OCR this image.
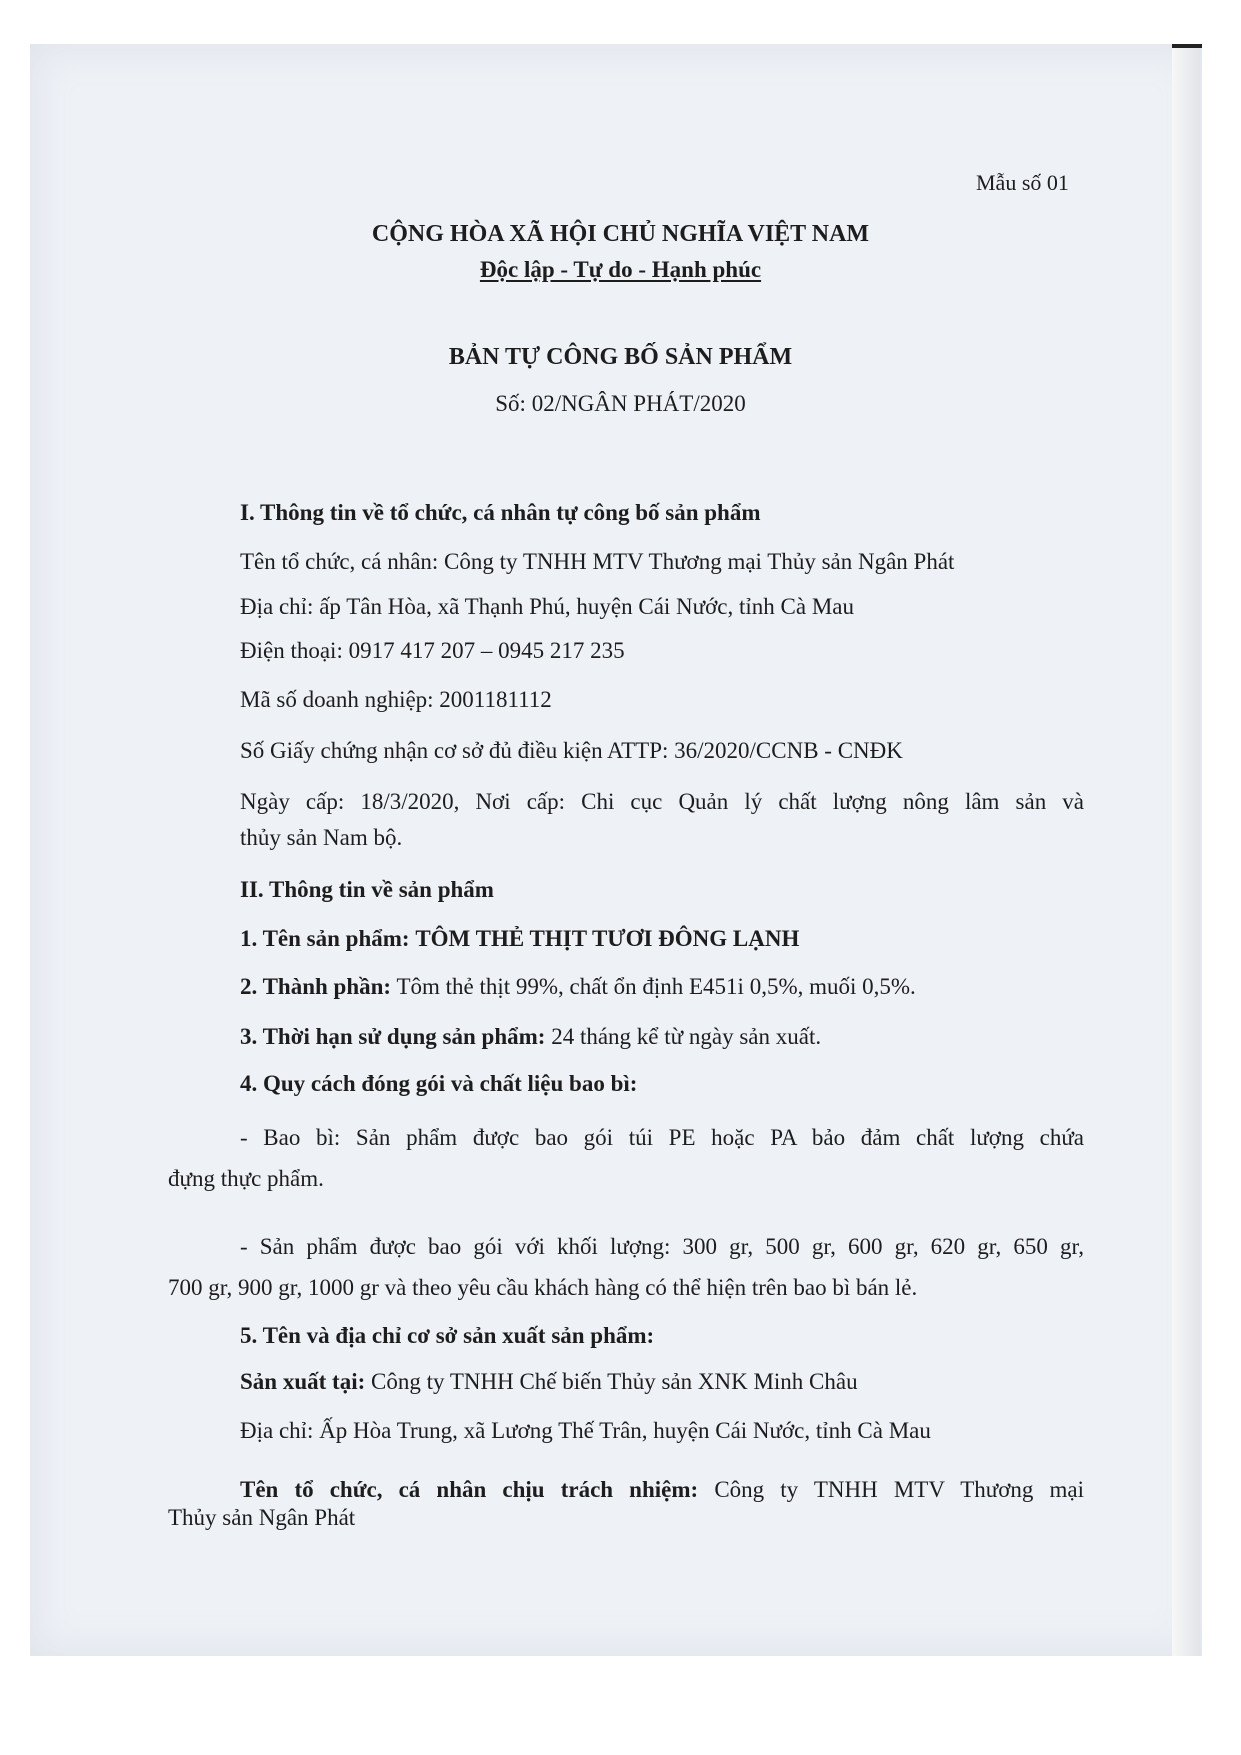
Mẫu số 01
CỘNG HÒA XÃ HỘI CHỦ NGHĨA VIỆT NAM
Độc lập - Tự do - Hạnh phúc
BẢN TỰ CÔNG BỐ SẢN PHẨM
Số: 02/NGÂN PHÁT/2020
I. Thông tin về tổ chức, cá nhân tự công bố sản phẩm
Tên tổ chức, cá nhân: Công ty TNHH MTV Thương mại Thủy sản Ngân Phát
Địa chỉ: ấp Tân Hòa, xã Thạnh Phú, huyện Cái Nước, tỉnh Cà Mau
Điện thoại: 0917 417 207 – 0945 217 235
Mã số doanh nghiệp: 2001181112
Số Giấy chứng nhận cơ sở đủ điều kiện ATTP: 36/2020/CCNB - CNĐK
Ngày cấp: 18/3/2020, Nơi cấp: Chi cục Quản lý chất lượng nông lâm sản và
thủy sản Nam bộ.
II. Thông tin về sản phẩm
1. Tên sản phẩm: TÔM THẺ THỊT TƯƠI ĐÔNG LẠNH
2. Thành phần: Tôm thẻ thịt 99%, chất ổn định E451i 0,5%, muối 0,5%.
3. Thời hạn sử dụng sản phẩm: 24 tháng kể từ ngày sản xuất.
4. Quy cách đóng gói và chất liệu bao bì:
- Bao bì: Sản phẩm được bao gói túi PE hoặc PA bảo đảm chất lượng chứa
đựng thực phẩm.
- Sản phẩm được bao gói với khối lượng: 300 gr, 500 gr, 600 gr, 620 gr, 650 gr,
700 gr, 900 gr, 1000 gr và theo yêu cầu khách hàng có thể hiện trên bao bì bán lẻ.
5. Tên và địa chỉ cơ sở sản xuất sản phẩm:
Sản xuất tại: Công ty TNHH Chế biến Thủy sản XNK Minh Châu
Địa chỉ: Ấp Hòa Trung, xã Lương Thế Trân, huyện Cái Nước, tỉnh Cà Mau
Tên tổ chức, cá nhân chịu trách nhiệm: Công ty TNHH MTV Thương mại
Thủy sản Ngân Phát
